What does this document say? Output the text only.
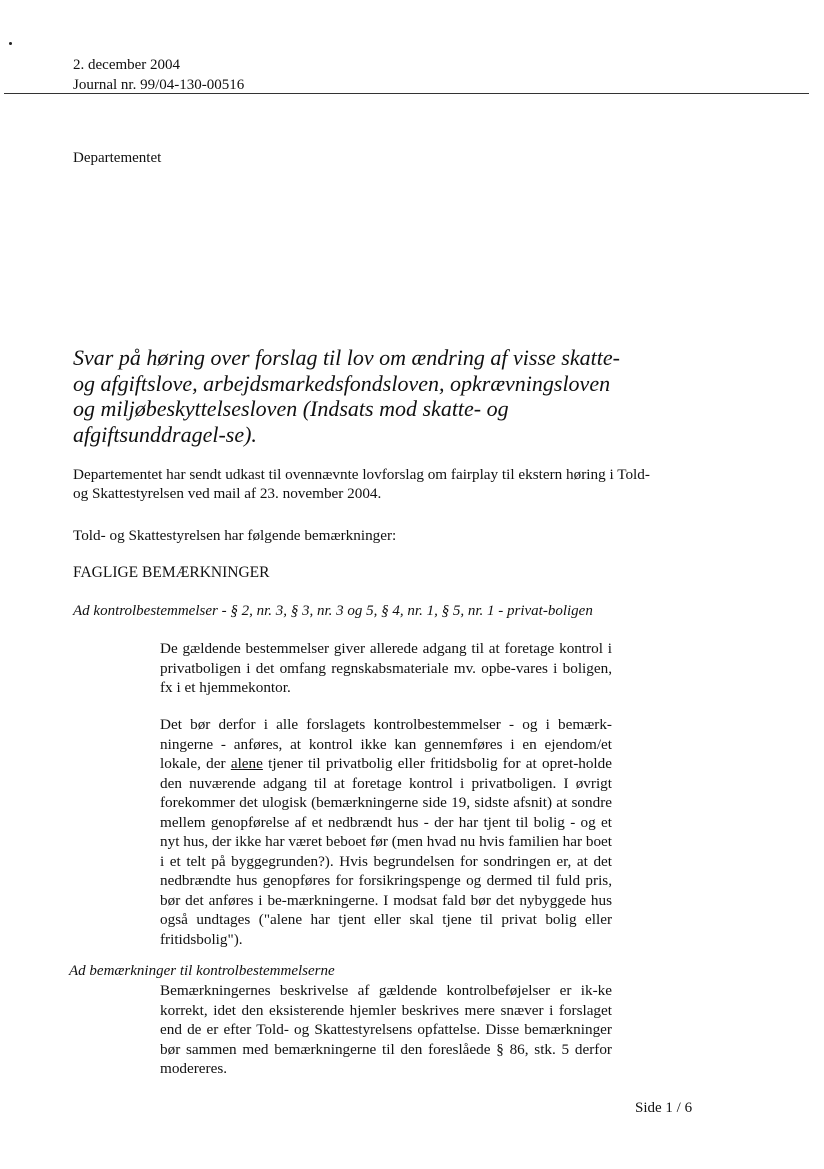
2. december 2004
Journal nr. 99/04-130-00516
Departementet

Svar på høring over forslag til lov om ændring af visse skatte- og afgiftslove, arbejdsmarkedsfondsloven, opkrævningsloven og miljøbeskyttelsesloven (Indsats mod skatte- og afgiftsunddragel-se).

Departementet har sendt udkast til ovennævnte lovforslag om fairplay til ekstern høring i Told- og Skattestyrelsen ved mail af 23. november 2004.

Told- og Skattestyrelsen har følgende bemærkninger:

FAGLIGE BEMÆRKNINGER

Ad kontrolbestemmelser - § 2, nr. 3, § 3, nr. 3 og 5, § 4, nr. 1, § 5, nr. 1 - privat-boligen

De gældende bestemmelser giver allerede adgang til at foretage kontrol i privatboligen i det omfang regnskabsmateriale mv. opbe-vares i boligen, fx i et hjemmekontor.

Det bør derfor i alle forslagets kontrolbestemmelser - og i bemærk-ningerne - anføres, at kontrol ikke kan gennemføres i en ejendom/et lokale, der alene tjener til privatbolig eller fritidsbolig for at opret-holde den nuværende adgang til at foretage kontrol i privatboligen. I øvrigt forekommer det ulogisk (bemærkningerne side 19, sidste afsnit) at sondre mellem genopførelse af et nedbrændt hus - der har tjent til bolig - og et nyt hus, der ikke har været beboet før (men hvad nu hvis familien har boet i et telt på byggegrunden?). Hvis begrundelsen for sondringen er, at det nedbrændte hus genopføres for forsikringspenge og dermed til fuld pris, bør det anføres i be-mærkningerne. I modsat fald bør det nybyggede hus også undtages ("alene har tjent eller skal tjene til privat bolig eller fritidsbolig").

Ad bemærkninger til kontrolbestemmelserne

Bemærkningernes beskrivelse af gældende kontrolbeføjelser er ik-ke korrekt, idet den eksisterende hjemler beskrives mere snæver i forslaget end de er efter Told- og Skattestyrelsens opfattelse. Disse bemærkninger bør sammen med bemærkningerne til den foreslåede § 86, stk. 5 derfor modereres.

Side 1 / 6
